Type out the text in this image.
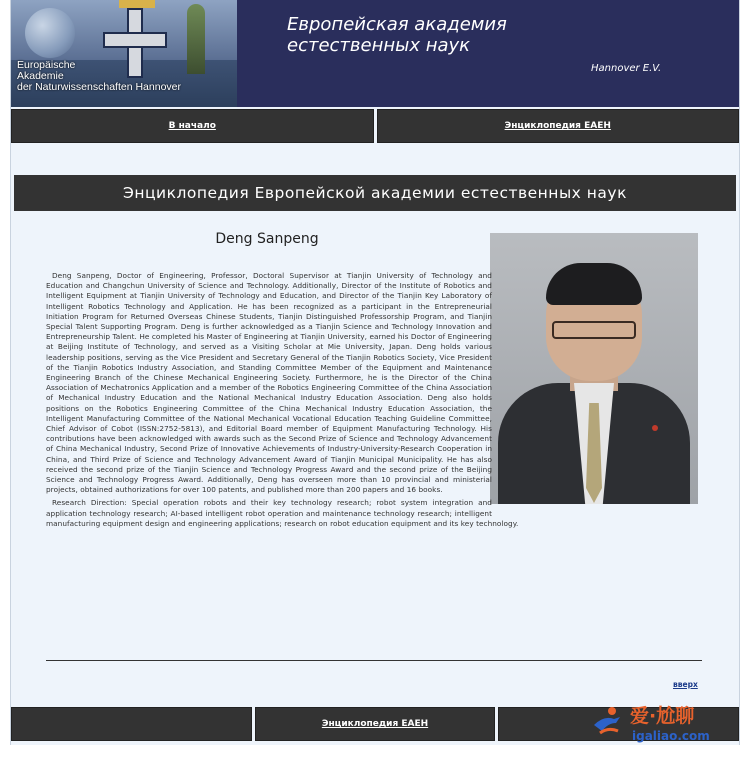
Europäische
Akademie
der Naturwissenschaften Hannover
Европейская академия
естественных наук
Hannover E.V.
В начало	Энциклопедия EAEH
Энциклопедия Европейской академии естественных наук
Deng Sanpeng

Deng Sanpeng, Doctor of Engineering, Professor, Doctoral Supervisor at Tianjin University of Technology and Education and Changchun University of Science and Technology. Additionally, Director of the Institute of Robotics and Intelligent Equipment at Tianjin University of Technology and Education, and Director of the Tianjin Key Laboratory of Intelligent Robotics Technology and Application. He has been recognized as a participant in the Entrepreneurial Initiation Program for Returned Overseas Chinese Students, Tianjin Distinguished Professorship Program, and Tianjin Special Talent Supporting Program. Deng is further acknowledged as a Tianjin Science and Technology Innovation and Entrepreneurship Talent. He completed his Master of Engineering at Tianjin University, earned his Doctor of Engineering at Beijing Institute of Technology, and served as a Visiting Scholar at Mie University, Japan. Deng holds various leadership positions, serving as the Vice President and Secretary General of the Tianjin Robotics Society, Vice President of the Tianjin Robotics Industry Association, and Standing Committee Member of the Equipment and Maintenance Engineering Branch of the Chinese Mechanical Engineering Society. Furthermore, he is the Director of the China Association of Mechatronics Application and a member of the Robotics Engineering Committee of the China Association of Mechanical Industry Education and the National Mechanical Industry Education Association. Deng also holds positions on the Robotics Engineering Committee of the China Mechanical Industry Education Association, the Intelligent Manufacturing Committee of the National Mechanical Vocational Education Teaching Guideline Committee, Chief Advisor of Cobot (ISSN:2752-5813), and Editorial Board member of Equipment Manufacturing Technology. His contributions have been acknowledged with awards such as the Second Prize of Science and Technology Advancement of China Mechanical Industry, Second Prize of Innovative Achievements of Industry-University-Research Cooperation in China, and Third Prize of Science and Technology Advancement Award of Tianjin Municipal Municipality. He has also received the second prize of the Tianjin Science and Technology Progress Award and the second prize of the Beijing Science and Technology Progress Award. Additionally, Deng has overseen more than 10 provincial and ministerial projects, obtained authorizations for over 100 patents, and published more than 200 papers and 16 books.

Research Direction: Special operation robots and their key technology research; robot system integration and application technology research; AI-based intelligent robot operation and maintenance technology research; intelligent manufacturing equipment design and engineering applications; research on robot education equipment and its key technology.

вверх
Энциклопедия EAEH	爱·尬聊
igaliao.com
